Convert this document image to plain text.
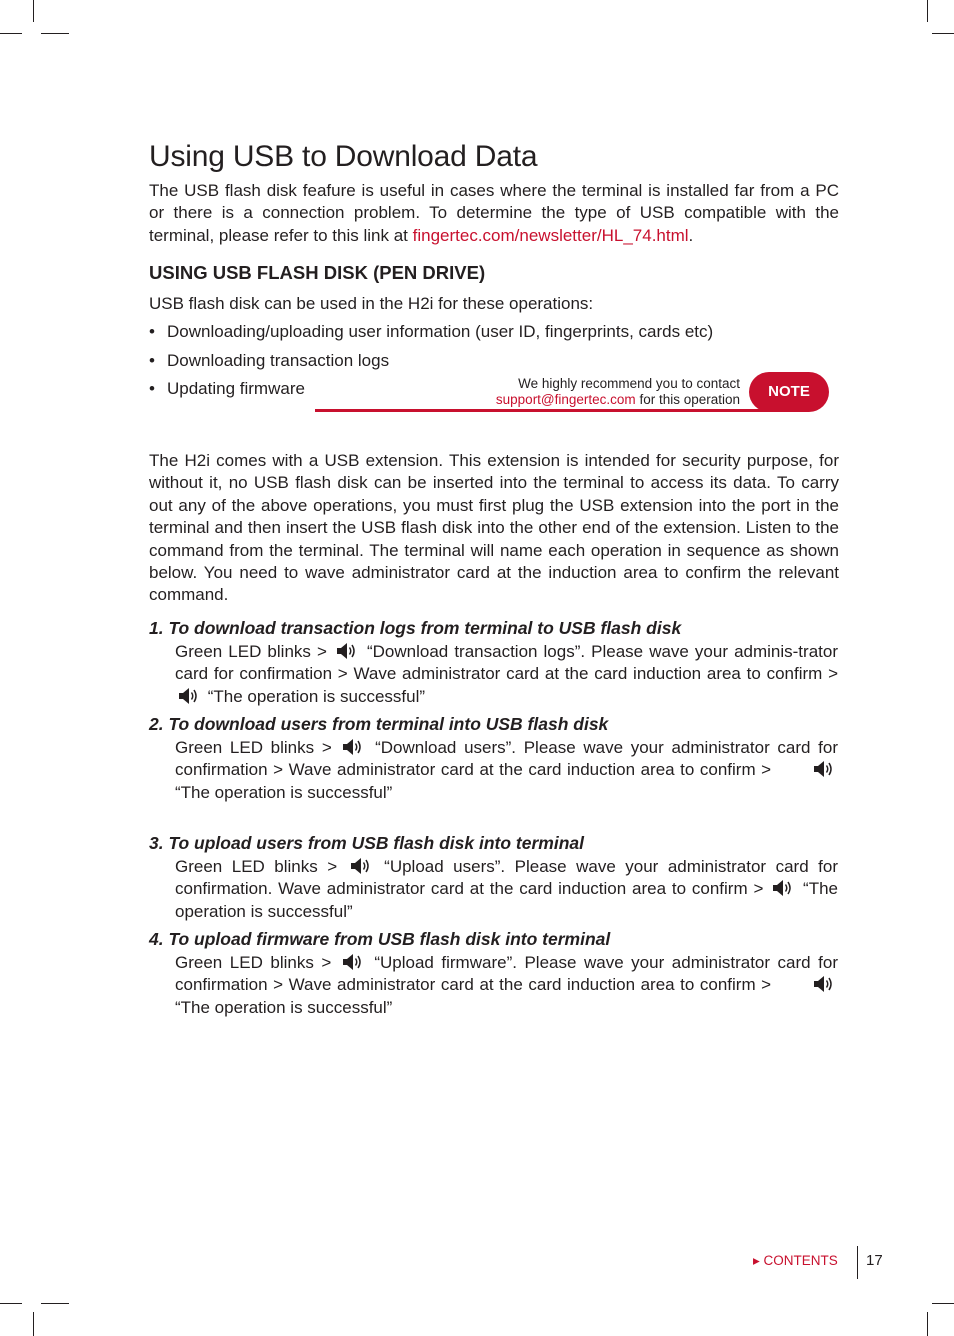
Using USB to Download Data

The USB flash disk feafure is useful in cases where the terminal is installed far from a PC or there is a connection problem. To determine the type of USB compatible with the terminal, please refer to this link at fingertec.com/newsletter/HL_74.html.

USING USB FLASH DISK (PEN DRIVE)

USB flash disk can be used in the H2i for these operations:

• Downloading/uploading user information (user ID, fingerprints, cards etc)
• Downloading transaction logs
• Updating firmware	We highly recommend you to contact
support@fingertec.com for this operation	NOTE

The H2i comes with a USB extension. This extension is intended for security purpose, for without it, no USB flash disk can be inserted into the terminal to access its data. To carry out any of the above operations, you must first plug the USB extension into the port in the terminal and then insert the USB flash disk into the other end of the extension. Listen to the command from the terminal. The terminal will name each operation in sequence as shown below. You need to wave administrator card at the induction area to confirm the relevant command.

1. To download transaction logs from terminal to USB flash disk

Green LED blinks >  “Download transaction logs”. Please wave your adminis-trator card for confirmation > Wave administrator card at the card induction area to confirm >  “The operation is successful”

2. To download users from terminal into USB flash disk

Green LED blinks >  “Download users”. Please wave your administrator card for confirmation > Wave administrator card at the card induction area to confirm >        “The operation is successful”

3. To upload users from USB flash disk into terminal

Green LED blinks >  “Upload users”. Please wave your administrator card for confirmation. Wave administrator card at the card induction area to confirm >  “The operation is successful”

4. To upload firmware from USB flash disk into terminal

Green LED blinks >  “Upload firmware”. Please wave your administrator card for confirmation > Wave administrator card at the card induction area to confirm >        “The operation is successful”

▸ CONTENTS 17
